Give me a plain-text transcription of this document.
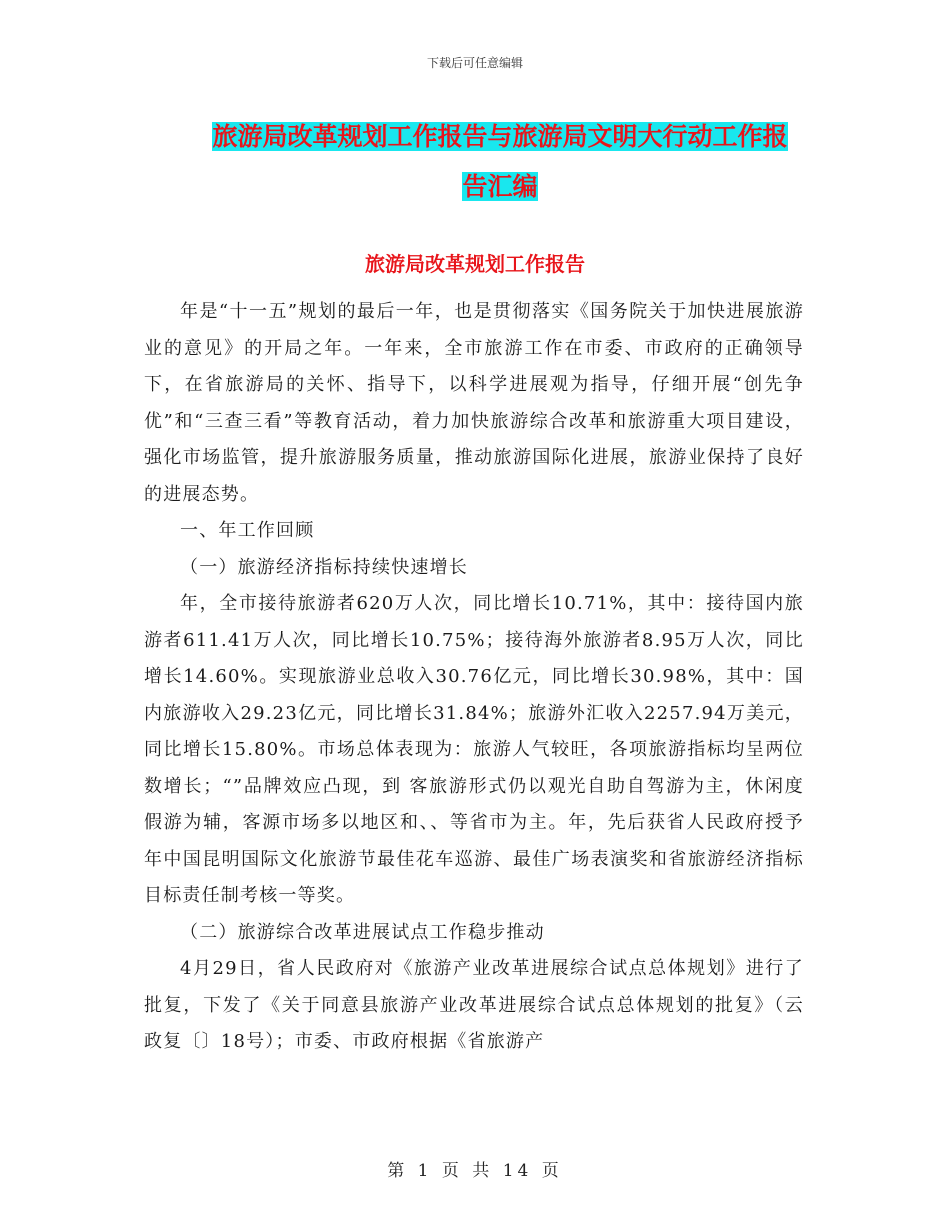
下载后可任意编辑
旅游局改革规划工作报告与旅游局文明大行动工作报
告汇编
旅游局改革规划工作报告

年是“十一五”规划的最后一年，也是贯彻落实《国务院关于加快进展旅游业的意见》的开局之年。一年来，全市旅游工作在市委、市政府的正确领导下，在省旅游局的关怀、指导下，以科学进展观为指导，仔细开展“创先争优”和“三查三看”等教育活动，着力加快旅游综合改革和旅游重大项目建设，强化市场监管，提升旅游服务质量，推动旅游国际化进展，旅游业保持了良好的进展态势。

一、年工作回顾

（一）旅游经济指标持续快速增长

年，全市接待旅游者620万人次，同比增长10.71%，其中：接待国内旅游者611.41万人次，同比增长10.75%；接待海外旅游者8.95万人次，同比增长14.60%。实现旅游业总收入30.76亿元，同比增长30.98%，其中：国内旅游收入29.23亿元，同比增长31.84%；旅游外汇收入2257.94万美元，同比增长15.80%。市场总体表现为：旅游人气较旺，各项旅游指标均呈两位数增长；“”品牌效应凸现，到 客旅游形式仍以观光自助自驾游为主，休闲度假游为辅，客源市场多以地区和、、等省市为主。年，先后获省人民政府授予年中国昆明国际文化旅游节最佳花车巡游、最佳广场表演奖和省旅游经济指标目标责任制考核一等奖。

（二）旅游综合改革进展试点工作稳步推动

4月29日，省人民政府对《旅游产业改革进展综合试点总体规划》进行了批复，下发了《关于同意县旅游产业改革进展综合试点总体规划的批复》（云政复〔〕18号）；市委、市政府根据《省旅游产

第 1 页 共 14 页
